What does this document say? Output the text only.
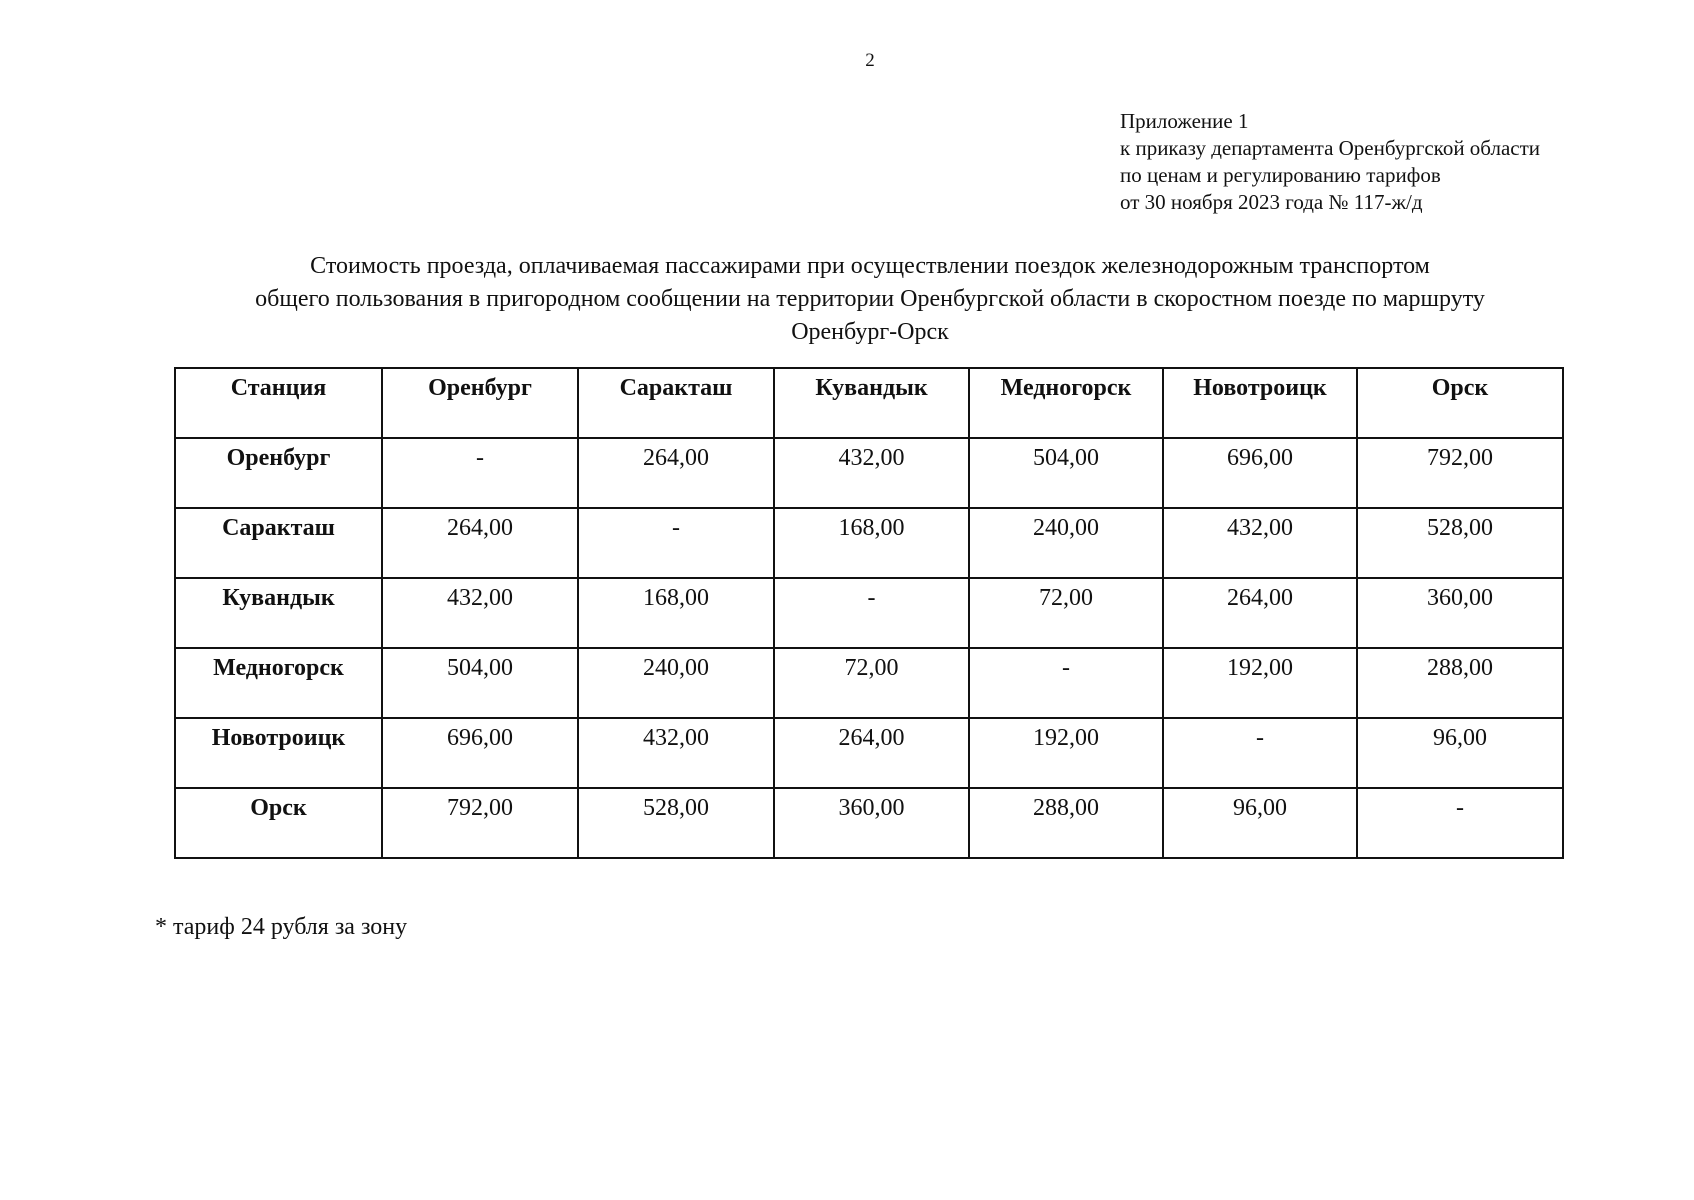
2
Приложение 1
к приказу департамента Оренбургской области
по ценам и регулированию тарифов
от 30 ноября 2023 года № 117-ж/д
Стоимость проезда, оплачиваемая пассажирами при осуществлении поездок железнодорожным транспортом
общего пользования в пригородном сообщении на территории Оренбургской области в скоростном поезде по маршруту
Оренбург-Орск
Станция	Оренбург	Саракташ	Кувандык	Медногорск	Новотроицк	Орск
Оренбург	-	264,00	432,00	504,00	696,00	792,00
Саракташ	264,00	-	168,00	240,00	432,00	528,00
Кувандык	432,00	168,00	-	72,00	264,00	360,00
Медногорск	504,00	240,00	72,00	-	192,00	288,00
Новотроицк	696,00	432,00	264,00	192,00	-	96,00
Орск	792,00	528,00	360,00	288,00	96,00	-
* тариф 24 рубля за зону
